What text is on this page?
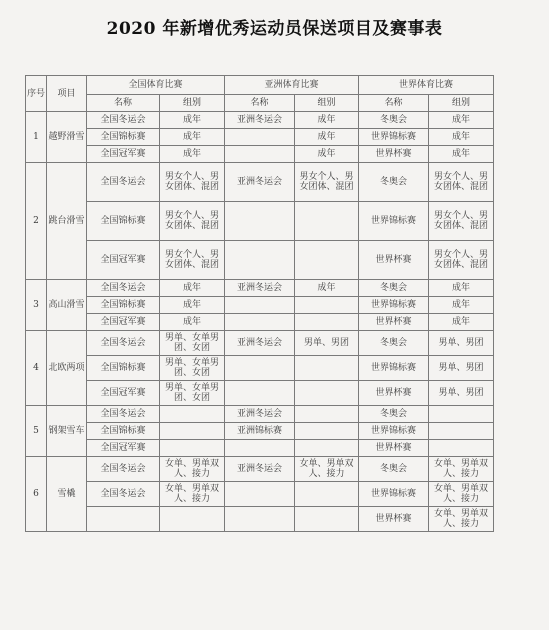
2020 年新增优秀运动员保送项目及赛事表
序号	项目	全国体育比赛		亚洲体育比赛		世界体育比赛	
		名称	组别	名称	组别	名称	组别
1	越野滑雪	全国冬运会	成年	亚洲冬运会	成年	冬奥会	成年
		全国锦标赛	成年		成年	世界锦标赛	成年
		全国冠军赛	成年		成年	世界杯赛	成年
2	跳台滑雪	全国冬运会	男女个人、男女团体、混团	亚洲冬运会	男女个人、男女团体、混团	冬奥会	男女个人、男女团体、混团
		全国锦标赛	男女个人、男女团体、混团			世界锦标赛	男女个人、男女团体、混团
		全国冠军赛	男女个人、男女团体、混团			世界杯赛	男女个人、男女团体、混团
3	高山滑雪	全国冬运会	成年	亚洲冬运会	成年	冬奥会	成年
		全国锦标赛	成年			世界锦标赛	成年
		全国冠军赛	成年			世界杯赛	成年
4	北欧两项	全国冬运会	男单、女单男团、女团	亚洲冬运会	男单、男团	冬奥会	男单、男团
		全国锦标赛	男单、女单男团、女团			世界锦标赛	男单、男团
		全国冠军赛	男单、女单男团、女团			世界杯赛	男单、男团
5	钢架雪车	全国冬运会		亚洲冬运会		冬奥会	
		全国锦标赛		亚洲锦标赛		世界锦标赛	
		全国冠军赛				世界杯赛	
6	雪橇	全国冬运会	女单、男单双人、接力	亚洲冬运会	女单、男单双人、接力	冬奥会	女单、男单双人、接力
		全国冬运会	女单、男单双人、接力			世界锦标赛	女单、男单双人、接力
						世界杯赛	女单、男单双人、接力
